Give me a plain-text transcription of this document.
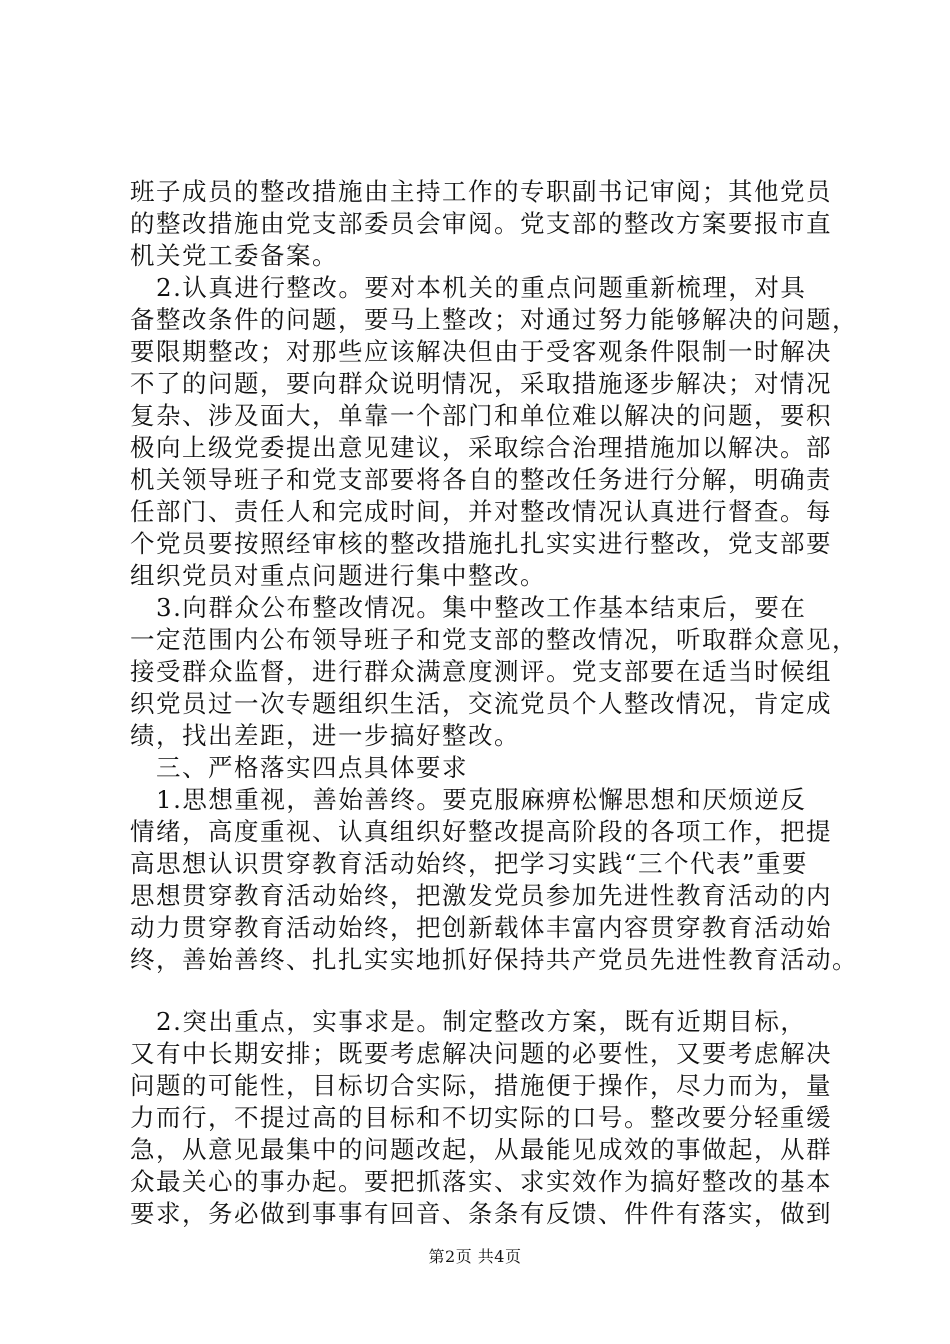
班子成员的整改措施由主持工作的专职副书记审阅；其他党员
的整改措施由党支部委员会审阅。党支部的整改方案要报市直
机关党工委备案。
　2.认真进行整改。要对本机关的重点问题重新梳理，对具
备整改条件的问题，要马上整改；对通过努力能够解决的问题，
要限期整改；对那些应该解决但由于受客观条件限制一时解决
不了的问题，要向群众说明情况，采取措施逐步解决；对情况
复杂、涉及面大，单靠一个部门和单位难以解决的问题，要积
极向上级党委提出意见建议，采取综合治理措施加以解决。部
机关领导班子和党支部要将各自的整改任务进行分解，明确责
任部门、责任人和完成时间，并对整改情况认真进行督查。每
个党员要按照经审核的整改措施扎扎实实进行整改，党支部要
组织党员对重点问题进行集中整改。
　3.向群众公布整改情况。集中整改工作基本结束后，要在
一定范围内公布领导班子和党支部的整改情况，听取群众意见，
接受群众监督，进行群众满意度测评。党支部要在适当时候组
织党员过一次专题组织生活，交流党员个人整改情况，肯定成
绩，找出差距，进一步搞好整改。
　三、严格落实四点具体要求
　1.思想重视，善始善终。要克服麻痹松懈思想和厌烦逆反
情绪，高度重视、认真组织好整改提高阶段的各项工作，把提
高思想认识贯穿教育活动始终，把学习实践“三个代表”重要
思想贯穿教育活动始终，把激发党员参加先进性教育活动的内
动力贯穿教育活动始终，把创新载体丰富内容贯穿教育活动始
终，善始善终、扎扎实实地抓好保持共产党员先进性教育活动。
　2.突出重点，实事求是。制定整改方案，既有近期目标，
又有中长期安排；既要考虑解决问题的必要性，又要考虑解决
问题的可能性，目标切合实际，措施便于操作，尽力而为，量
力而行，不提过高的目标和不切实际的口号。整改要分轻重缓
急，从意见最集中的问题改起，从最能见成效的事做起，从群
众最关心的事办起。要把抓落实、求实效作为搞好整改的基本
要求，务必做到事事有回音、条条有反馈、件件有落实，做到
第2页 共4页
